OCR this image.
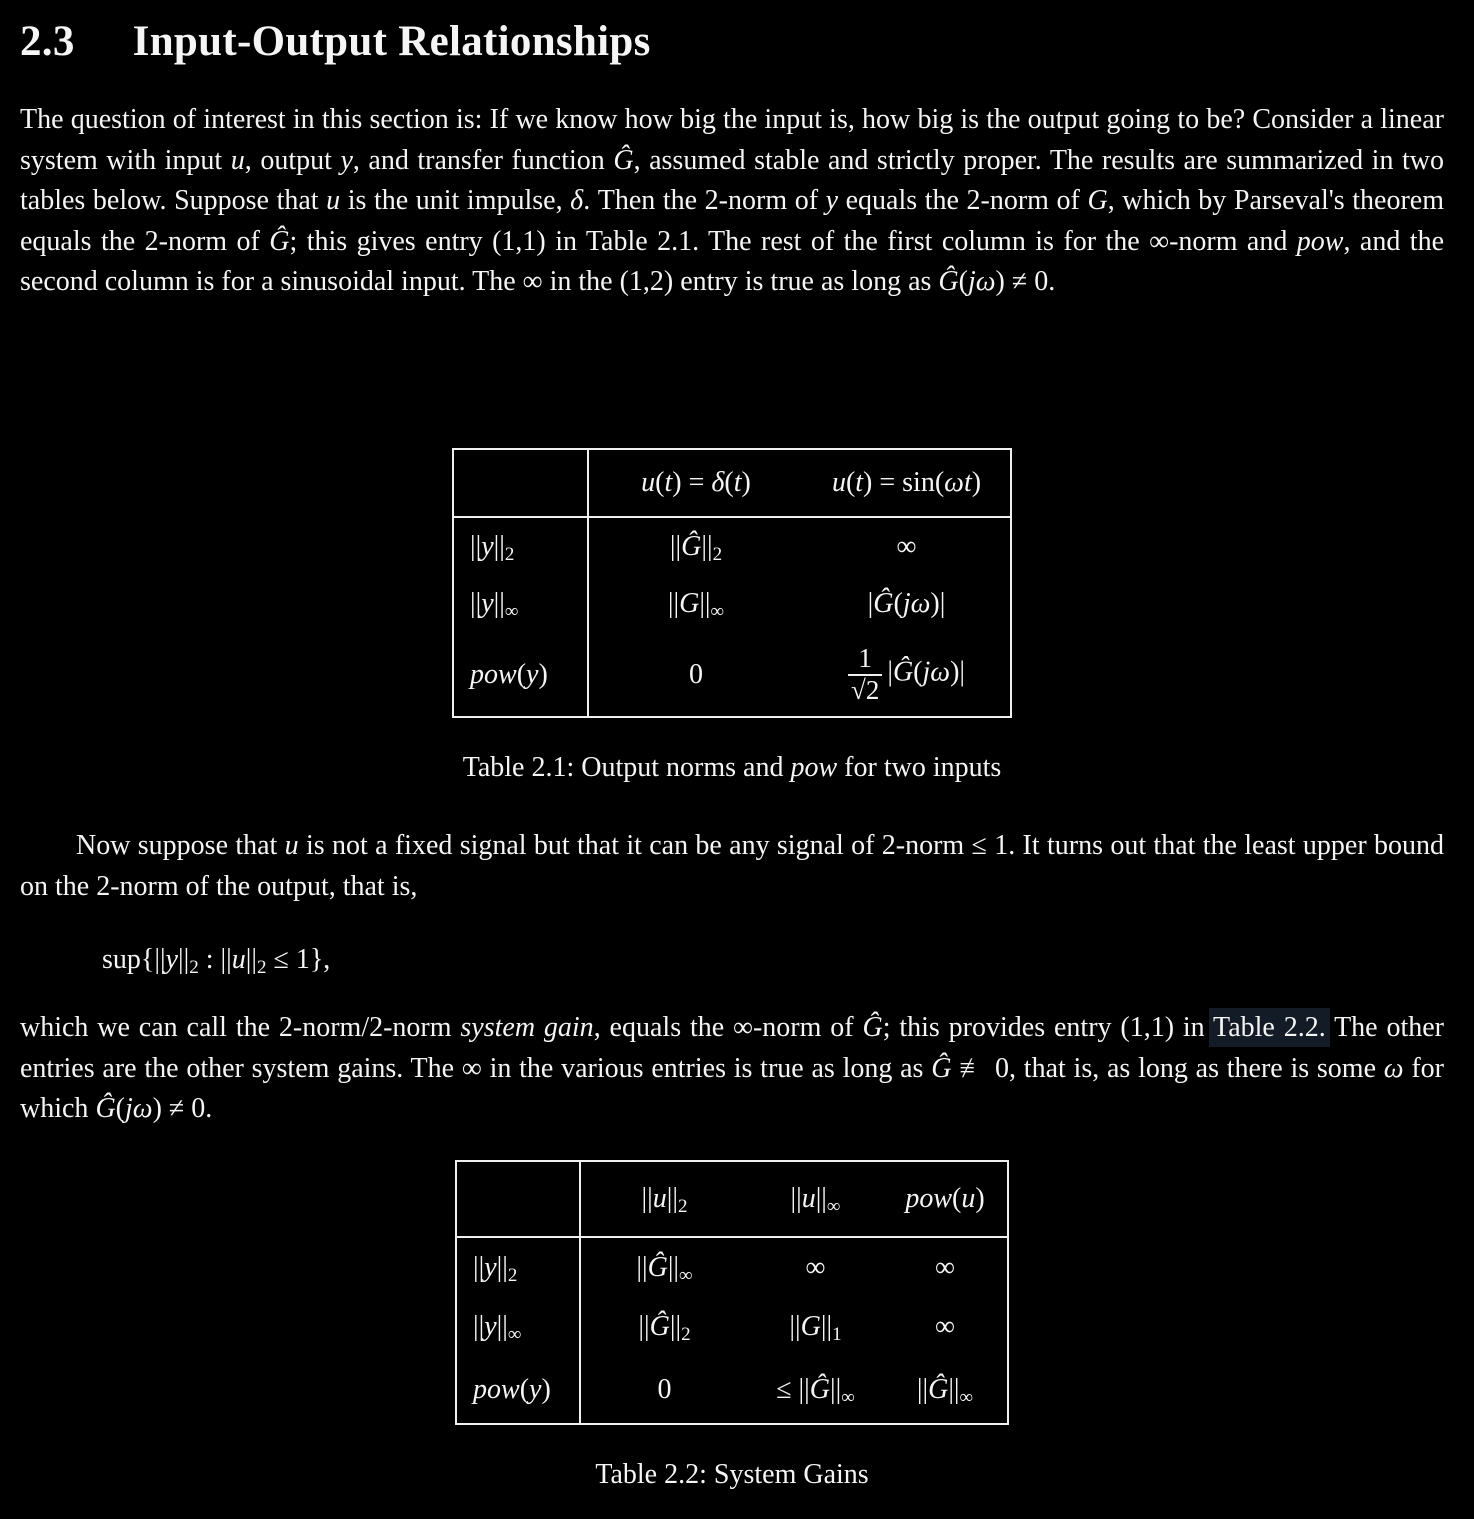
2.3 Input-Output Relationships

The question of interest in this section is: If we know how big the input is, how big is the output going to be? Consider a linear system with input u, output y, and transfer function Ĝ, assumed stable and strictly proper. The results are summarized in two tables below. Suppose that u is the unit impulse, δ. Then the 2-norm of y equals the 2-norm of G, which by Parseval's theorem equals the 2-norm of Ĝ; this gives entry (1,1) in Table 2.1. The rest of the first column is for the ∞-norm and pow, and the second column is for a sinusoidal input. The ∞ in the (1,2) entry is true as long as Ĝ(jω) ≠ 0.

	u(t) = δ(t)	u(t) = sin(ωt)
||y||2	||Ĝ||2	∞
||y||∞	||G||∞	|Ĝ(jω)|
pow(y)	0	$\frac{1}{√2}$ |Ĝ(jω)|
Table 2.1: Output norms and pow for two inputs

Now suppose that u is not a fixed signal but that it can be any signal of 2-norm ≤ 1. It turns out that the least upper bound on the 2-norm of the output, that is,

sup{||y||2 : ||u||2 ≤ 1},

which we can call the 2-norm/2-norm system gain, equals the ∞-norm of Ĝ; this provides entry (1,1) in Table 2.2. The other entries are the other system gains. The ∞ in the various entries is true as long as Ĝ ≢ 0, that is, as long as there is some ω for which Ĝ(jω) ≠ 0.

	||u||2	||u||∞	pow(u)
||y||2	||Ĝ||∞	∞	∞
||y||∞	||Ĝ||2	||G||1	∞
pow(y)	0	≤ ||Ĝ||∞	||Ĝ||∞
Table 2.2: System Gains
